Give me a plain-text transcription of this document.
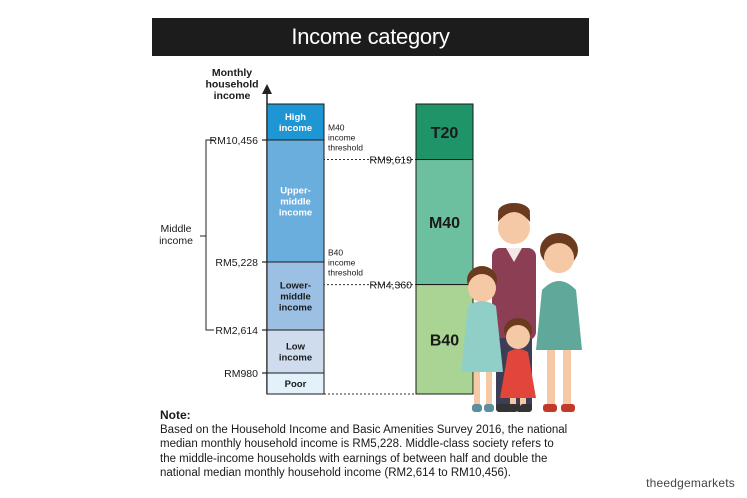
Income category
Monthly
household
income
RM10,456
RM5,228
RM2,614
RM980
Middle
income
RM9,619
M40
income
threshold
RM4,360
B40
income
threshold
High
income
Upper-
middle
income
Lower-
middle
income
Low
income
Poor
T20
M40
B40
Note:

Based on the Household Income and Basic Amenities Survey 2016, the national

median monthly household income is RM5,228. Middle-class society refers to

the middle-income households with earnings of between half and double the

national median monthly household income (RM2,614 to RM10,456).

theedgemarkets
